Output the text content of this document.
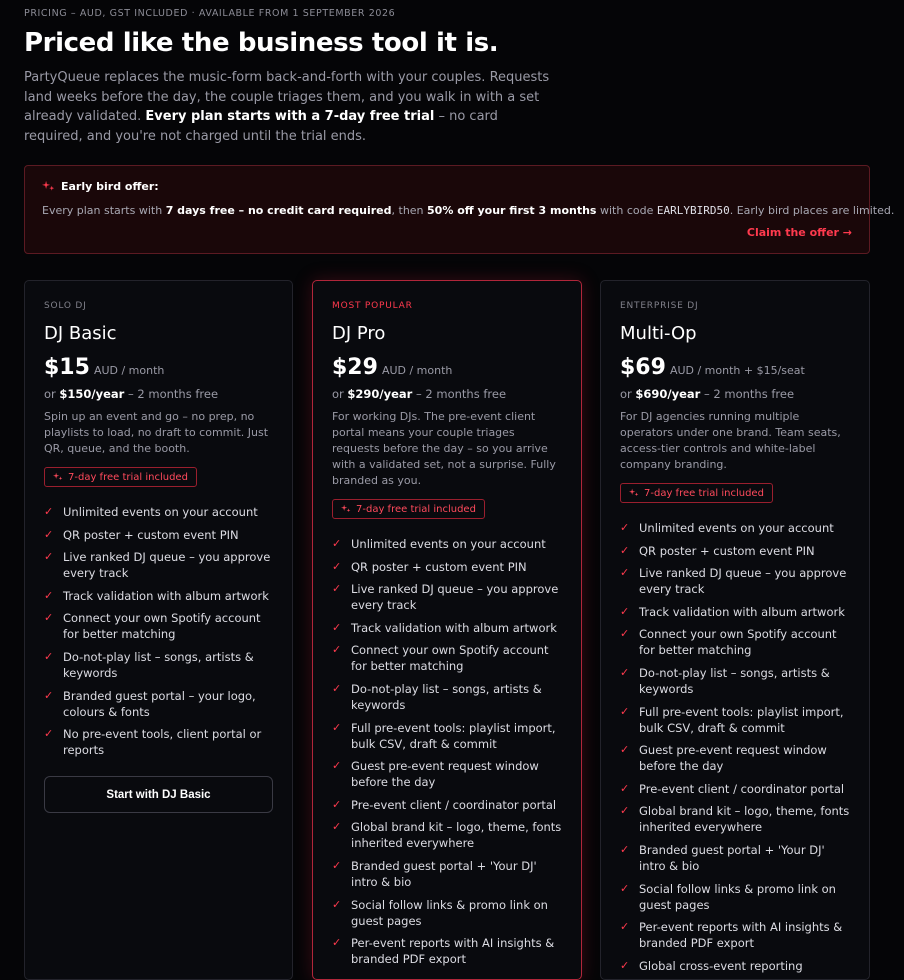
PRICING – AUD, GST INCLUDED · AVAILABLE FROM 1 SEPTEMBER 2026
Priced like the business tool it is.

PartyQueue replaces the music-form back-and-forth with your couples. Requests land weeks before the day, the couple triages them, and you walk in with a set already validated. Every plan starts with a 7-day free trial – no card required, and you're not charged until the trial ends.

Early bird offer:
Every plan starts with 7 days free – no credit card required, then 50% off your first 3 months with code EARLYBIRD50. Early bird places are limited.
Claim the offer →
SOLO DJ
DJ Basic
$15 AUD / month
or $150/year – 2 months free
Spin up an event and go – no prep, no playlists to load, no draft to commit. Just QR, queue, and the booth.
7-day free trial included
✓ Unlimited events on your account
✓ QR poster + custom event PIN
✓ Live ranked DJ queue – you approve every track
✓ Track validation with album artwork
✓ Connect your own Spotify account for better matching
✓ Do-not-play list – songs, artists & keywords
✓ Branded guest portal – your logo, colours & fonts
✓ No pre-event tools, client portal or reports
Start with DJ Basic
MOST POPULAR
DJ Pro
$29 AUD / month
or $290/year – 2 months free
For working DJs. The pre-event client portal means your couple triages requests before the day – so you arrive with a validated set, not a surprise. Fully branded as you.
7-day free trial included
✓ Unlimited events on your account
✓ QR poster + custom event PIN
✓ Live ranked DJ queue – you approve every track
✓ Track validation with album artwork
✓ Connect your own Spotify account for better matching
✓ Do-not-play list – songs, artists & keywords
✓ Full pre-event tools: playlist import, bulk CSV, draft & commit
✓ Guest pre-event request window before the day
✓ Pre-event client / coordinator portal
✓ Global brand kit – logo, theme, fonts inherited everywhere
✓ Branded guest portal + 'Your DJ' intro & bio
✓ Social follow links & promo link on guest pages
✓ Per-event reports with AI insights & branded PDF export
ENTERPRISE DJ
Multi-Op
$69 AUD / month + $15/seat
or $690/year – 2 months free
For DJ agencies running multiple operators under one brand. Team seats, access-tier controls and white-label company branding.
7-day free trial included
✓ Unlimited events on your account
✓ QR poster + custom event PIN
✓ Live ranked DJ queue – you approve every track
✓ Track validation with album artwork
✓ Connect your own Spotify account for better matching
✓ Do-not-play list – songs, artists & keywords
✓ Full pre-event tools: playlist import, bulk CSV, draft & commit
✓ Guest pre-event request window before the day
✓ Pre-event client / coordinator portal
✓ Global brand kit – logo, theme, fonts inherited everywhere
✓ Branded guest portal + 'Your DJ' intro & bio
✓ Social follow links & promo link on guest pages
✓ Per-event reports with AI insights & branded PDF export
✓ Global cross-event reporting
